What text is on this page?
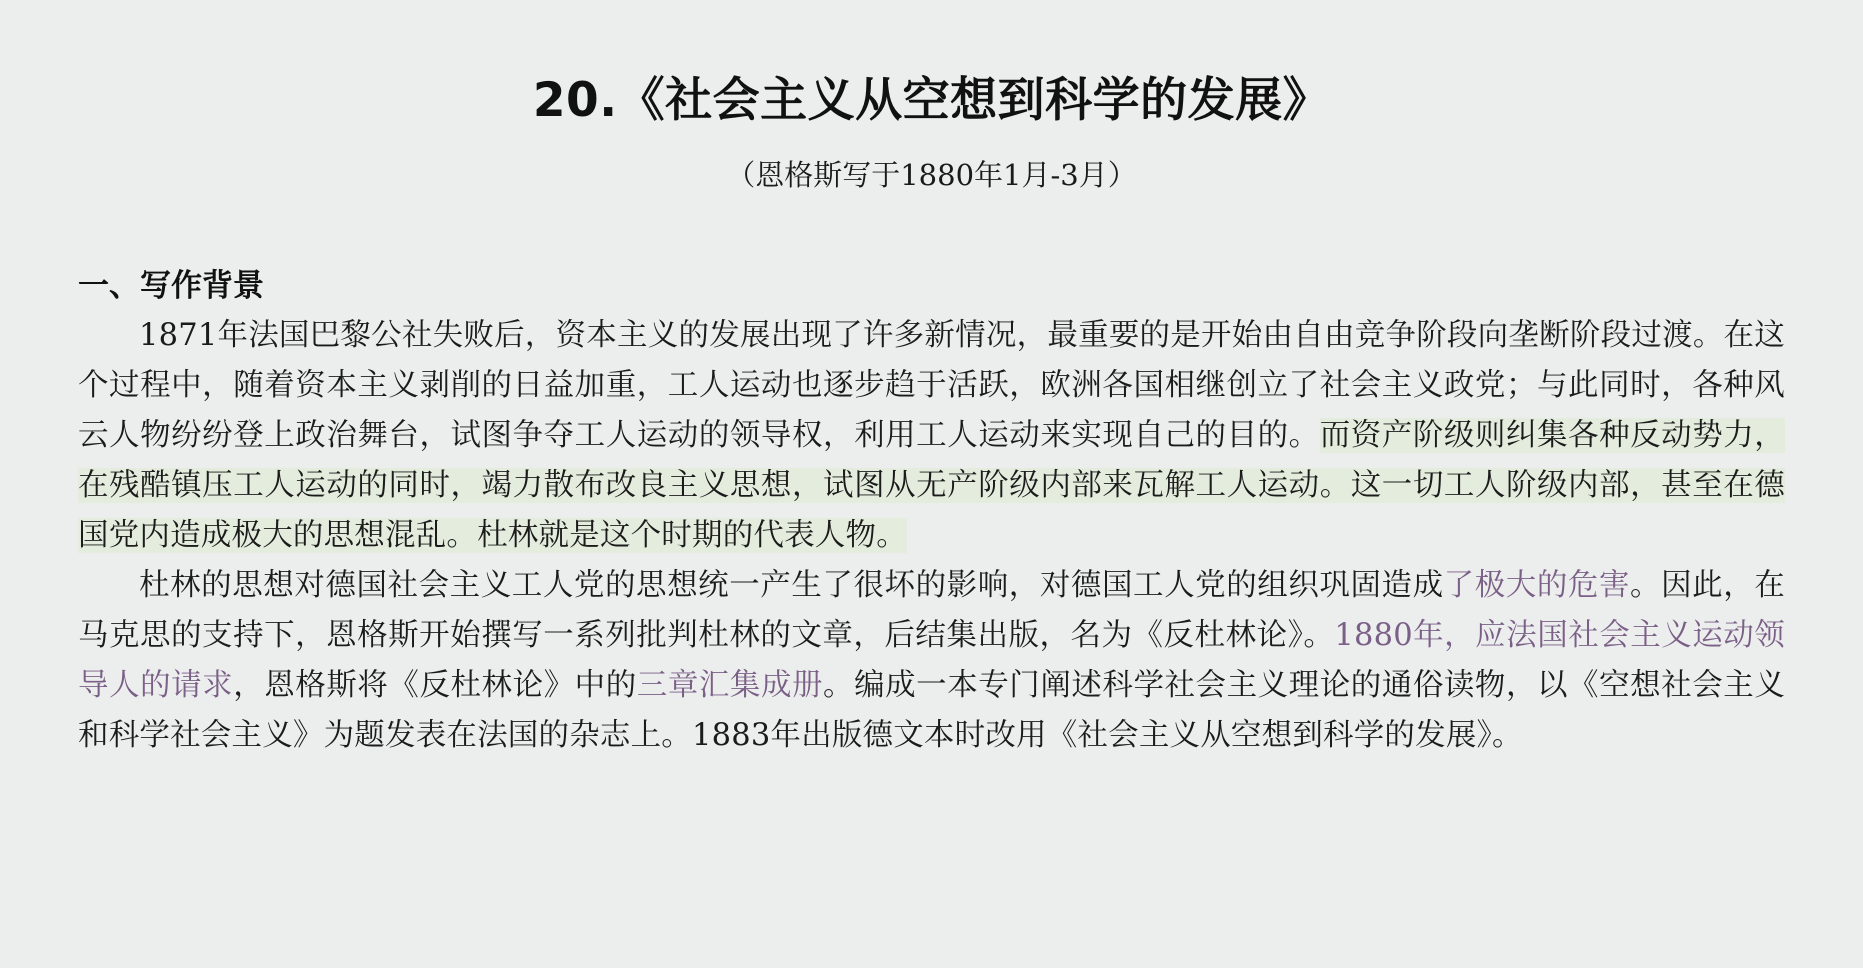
20.《社会主义从空想到科学的发展》
（恩格斯写于1880年1月-3月）
一、写作背景

1871年法国巴黎公社失败后，资本主义的发展出现了许多新情况，最重要的是开始由自由竞争阶段向垄断阶段过渡。在这个过程中，随着资本主义剥削的日益加重，工人运动也逐步趋于活跃，欧洲各国相继创立了社会主义政党；与此同时，各种风云人物纷纷登上政治舞台，试图争夺工人运动的领导权，利用工人运动来实现自己的目的。而资产阶级则纠集各种反动势力，在残酷镇压工人运动的同时，竭力散布改良主义思想，试图从无产阶级内部来瓦解工人运动。这一切工人阶级内部，甚至在德国党内造成极大的思想混乱。杜林就是这个时期的代表人物。

杜林的思想对德国社会主义工人党的思想统一产生了很坏的影响，对德国工人党的组织巩固造成了极大的危害。因此，在马克思的支持下，恩格斯开始撰写一系列批判杜林的文章，后结集出版，名为《反杜林论》。1880年，应法国社会主义运动领导人的请求，恩格斯将《反杜林论》中的三章汇集成册。编成一本专门阐述科学社会主义理论的通俗读物，以《空想社会主义和科学社会主义》为题发表在法国的杂志上。1883年出版德文本时改用《社会主义从空想到科学的发展》。
